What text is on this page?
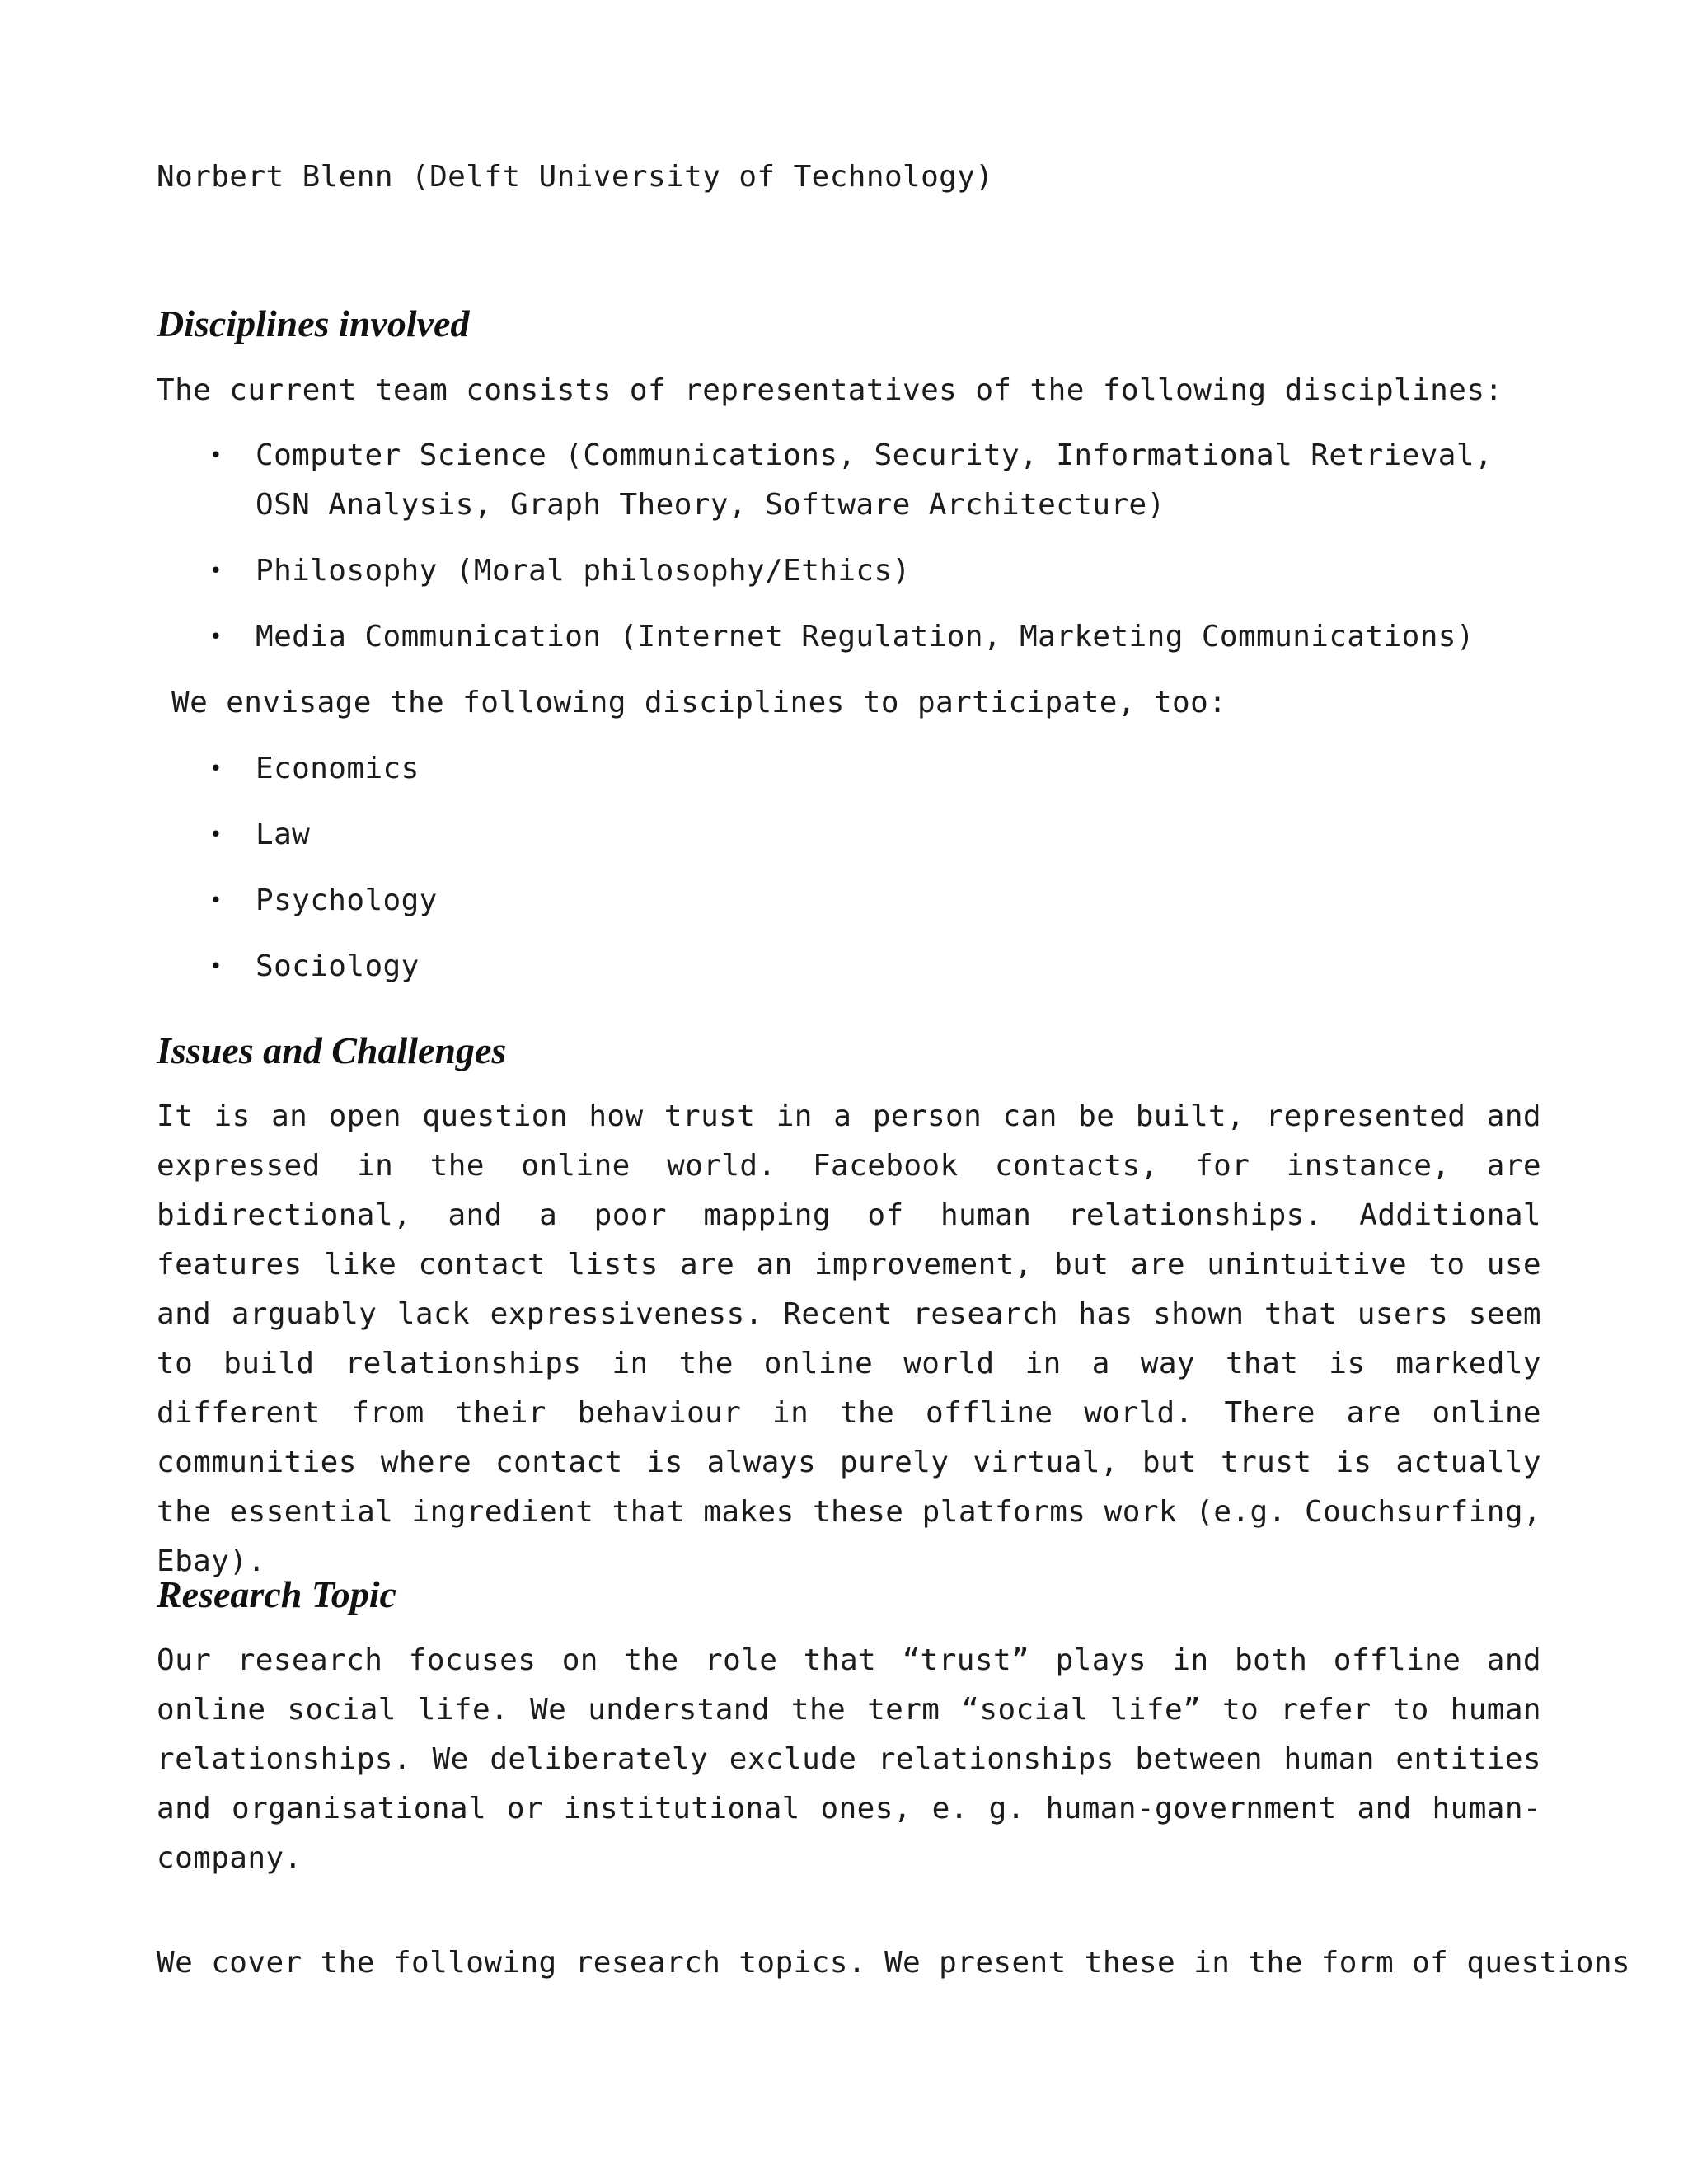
Norbert Blenn (Delft University of Technology)
Disciplines involved
The current team consists of representatives of the following disciplines:
• Computer Science (Communications, Security, Informational Retrieval, OSN Analysis, Graph Theory, Software Architecture)
• Philosophy (Moral philosophy/Ethics)
• Media Communication (Internet Regulation, Marketing Communications)
We envisage the following disciplines to participate, too:
• Economics
• Law
• Psychology
• Sociology
Issues and Challenges

It is an open question how trust in a person can be built, represented and expressed in the online world. Facebook contacts, for instance, are bidirectional, and a poor mapping of human relationships. Additional features like contact lists are an improvement, but are unintuitive to use and arguably lack expressiveness. Recent research has shown that users seem to build relationships in the online world in a way that is markedly different from their behaviour in the offline world. There are online communities where contact is always purely virtual, but trust is actually the essential ingredient that makes these platforms work (e.g. Couchsurfing, Ebay).

Research Topic

Our research focuses on the role that “trust” plays in both offline and online social life. We understand the term “social life” to refer to human relationships. We deliberately exclude relationships between human entities and organisational or institutional ones, e. g. human-government and human-company.

We cover the following research topics. We present these in the form of questions
